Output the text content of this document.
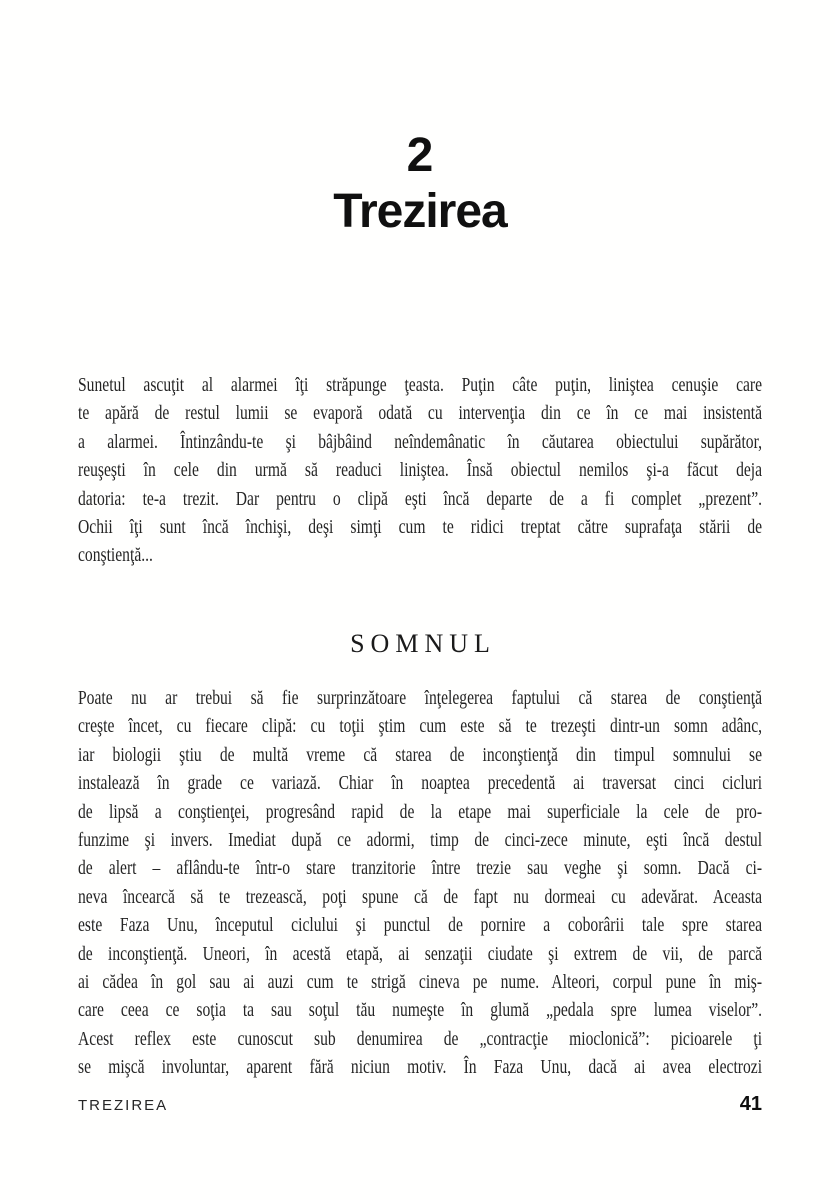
2
Trezirea
Sunetul ascuţit al alarmei îţi străpunge ţeasta. Puţin câte puţin, liniştea cenuşie care
te apără de restul lumii se evaporă odată cu intervenţia din ce în ce mai insistentă
a alarmei. Întinzându-te şi bâjbâind neîndemânatic în căutarea obiectului supărător,
reuşeşti în cele din urmă să readuci liniştea. Însă obiectul nemilos şi-a făcut deja
datoria: te-a trezit. Dar pentru o clipă eşti încă departe de a fi complet „prezent”.
Ochii îţi sunt încă închişi, deşi simţi cum te ridici treptat către suprafaţa stării de
conştienţă...
SOMNUL
Poate nu ar trebui să fie surprinzătoare înţelegerea faptului că starea de conştienţă
creşte încet, cu fiecare clipă: cu toţii ştim cum este să te trezeşti dintr-un somn adânc,
iar biologii ştiu de multă vreme că starea de inconştienţă din timpul somnului se
instalează în grade ce variază. Chiar în noaptea precedentă ai traversat cinci cicluri
de lipsă a conştienţei, progresând rapid de la etape mai superficiale la cele de pro-
funzime şi invers. Imediat după ce adormi, timp de cinci-zece minute, eşti încă destul
de alert – aflându-te într-o stare tranzitorie între trezie sau veghe şi somn. Dacă ci-
neva încearcă să te trezească, poţi spune că de fapt nu dormeai cu adevărat. Aceasta
este Faza Unu, începutul ciclului şi punctul de pornire a coborârii tale spre starea
de inconştienţă. Uneori, în acestă etapă, ai senzaţii ciudate şi extrem de vii, de parcă
ai cădea în gol sau ai auzi cum te strigă cineva pe nume. Alteori, corpul pune în miş-
care ceea ce soţia ta sau soţul tău numeşte în glumă „pedala spre lumea viselor”.
Acest reflex este cunoscut sub denumirea de „contracţie mioclonică”: picioarele ţi
se mişcă involuntar, aparent fără niciun motiv. În Faza Unu, dacă ai avea electrozi
TREZIREA	41
